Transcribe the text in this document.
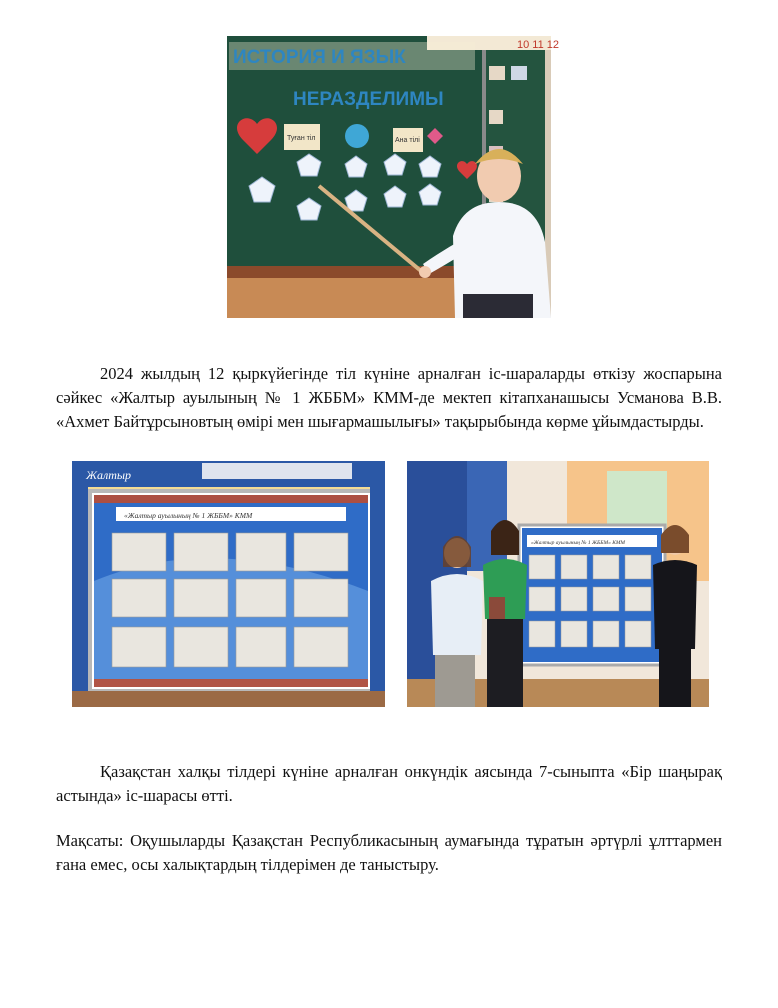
10 11 12
ИСТОРИЯ И ЯЗЫК
НЕРАЗДЕЛИМЫ
Туған тіл	Ана тілі

2024 жылдың 12 қыркүйегінде тіл күніне арналған іс-шараларды өткізу жоспарына сәйкес «Жалтыр ауылының № 1 ЖББМ» КММ-де мектеп кітапханашысы Усманова В.В. «Ахмет Байтұрсыновтың өмірі мен шығармашылығы» тақырыбында көрме ұйымдастырды.

Жалтыр
«Жалтыр ауылының № 1 ЖББМ» КММ
«Жалтыр ауылының № 1 ЖББМ» КММ

Қазақстан халқы тілдері күніне арналған онкүндік аясында 7-сыныпта «Бір шаңырақ астында» іс-шарасы өтті.

Мақсаты: Оқушыларды Қазақстан Республикасының аумағында тұратын әртүрлі ұлттармен ғана емес, осы халықтардың тілдерімен де таныстыру.
